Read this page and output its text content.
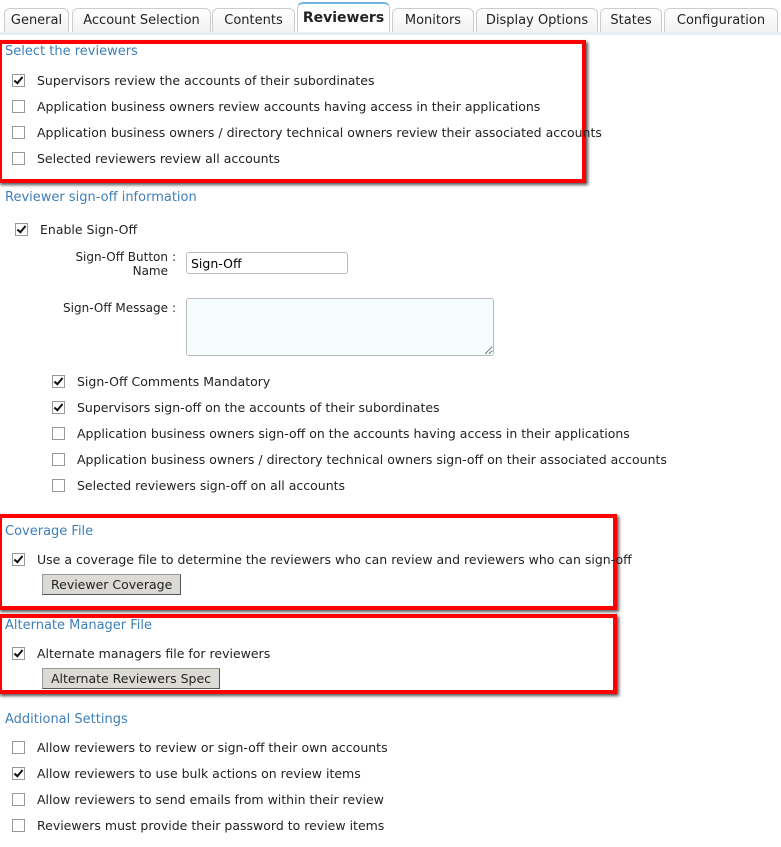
General	Account Selection	Contents	Reviewers	Monitors	Display Options	States	Configuration
Select the reviewers
Supervisors review the accounts of their subordinates
Application business owners review accounts having access in their applications
Application business owners / directory technical owners review their associated accounts
Selected reviewers review all accounts
Reviewer sign-off information
Enable Sign-Off
Sign-Off Button Name
:
Sign-Off
Sign-Off Message :
Sign-Off Comments Mandatory
Supervisors sign-off on the accounts of their subordinates
Application business owners sign-off on the accounts having access in their applications
Application business owners / directory technical owners sign-off on their associated accounts
Selected reviewers sign-off on all accounts
Coverage File
Use a coverage file to determine the reviewers who can review and reviewers who can sign-off
Reviewer Coverage
Alternate Manager File
Alternate managers file for reviewers
Alternate Reviewers Spec
Additional Settings
Allow reviewers to review or sign-off their own accounts
Allow reviewers to use bulk actions on review items
Allow reviewers to send emails from within their review
Reviewers must provide their password to review items
